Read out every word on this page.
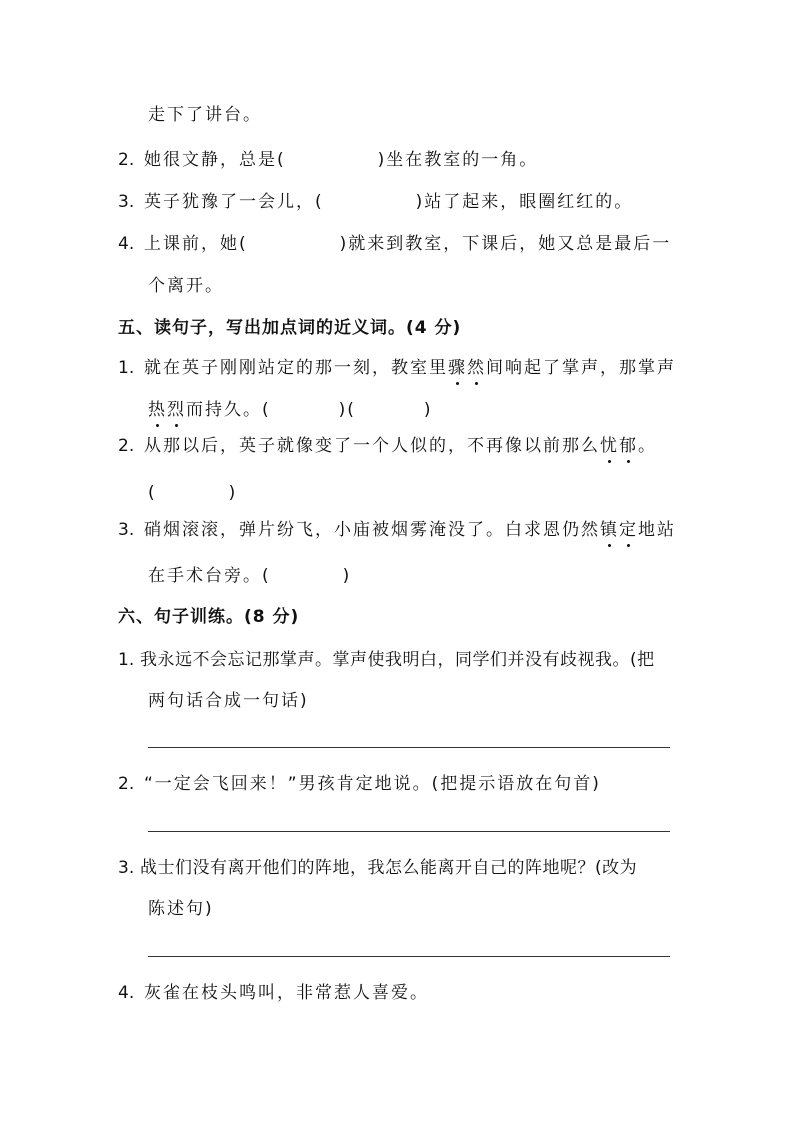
走下了讲台。
2. 她很文静，总是(	)坐在教室的一角。
3. 英子犹豫了一会儿，(	)站了起来，眼圈红红的。
4. 上课前，她(	)就来到教室，下课后，她又总是最后一
个离开。
五、读句子，写出加点词的近义词。(4 分)
1. 就在英子刚刚站定的那一刻，教室里骤然间响起了掌声，那掌声
热烈而持久。(	)(	)
2. 从那以后，英子就像变了一个人似的，不再像以前那么忧郁。
(	)
3. 硝烟滚滚，弹片纷飞，小庙被烟雾淹没了。白求恩仍然镇定地站
在手术台旁。(	)
六、句子训练。(8 分)
1. 我永远不会忘记那掌声。掌声使我明白，同学们并没有歧视我。(把
两句话合成一句话)
2. “一定会飞回来！”男孩肯定地说。(把提示语放在句首)
3. 战士们没有离开他们的阵地，我怎么能离开自己的阵地呢？(改为
陈述句)
4. 灰雀在枝头鸣叫，非常惹人喜爱。
